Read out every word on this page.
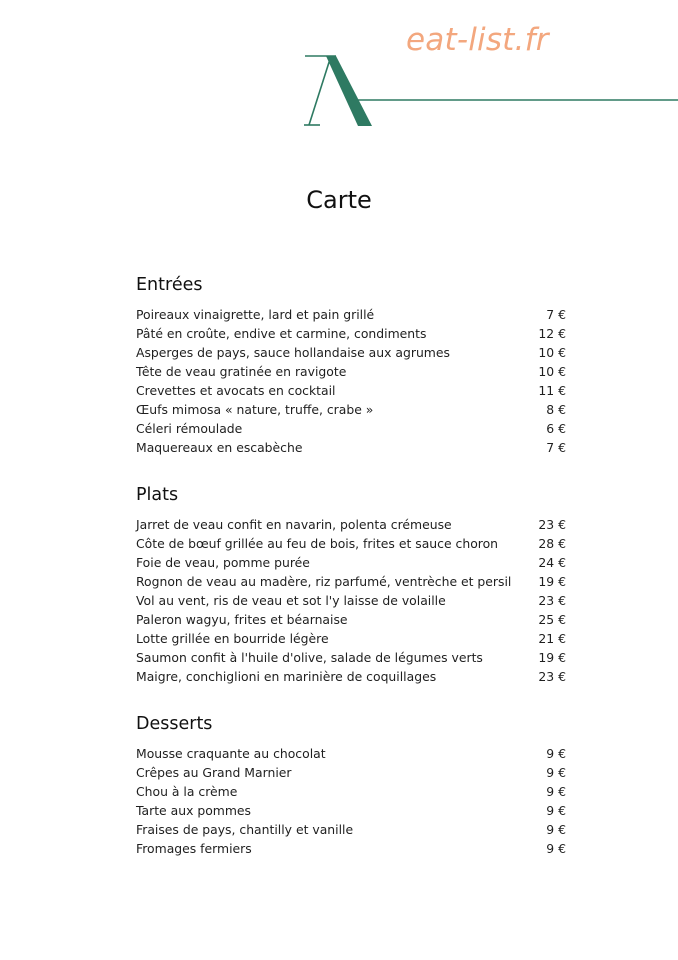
eat-list.fr
Carte
Entrées
Poireaux vinaigrette, lard et pain grillé	7 €
Pâté en croûte, endive et carmine, condiments	12 €
Asperges de pays, sauce hollandaise aux agrumes	10 €
Tête de veau gratinée en ravigote	10 €
Crevettes et avocats en cocktail	11 €
Œufs mimosa « nature, truffe, crabe »	8 €
Céleri rémoulade	6 €
Maquereaux en escabèche	7 €
Plats
Jarret de veau confit en navarin, polenta crémeuse	23 €
Côte de bœuf grillée au feu de bois, frites et sauce choron	28 €
Foie de veau, pomme purée	24 €
Rognon de veau au madère, riz parfumé, ventrèche et persil 19 €
Vol au vent, ris de veau et sot l'y laisse de volaille	23 €
Paleron wagyu, frites et béarnaise	25 €
Lotte grillée en bourride légère	21 €
Saumon confit à l'huile d'olive, salade de légumes verts	19 €
Maigre, conchiglioni en marinière de coquillages	23 €
Desserts
Mousse craquante au chocolat	9 €
Crêpes au Grand Marnier	9 €
Chou à la crème	9 €
Tarte aux pommes	9 €
Fraises de pays, chantilly et vanille	9 €
Fromages fermiers	9 €
